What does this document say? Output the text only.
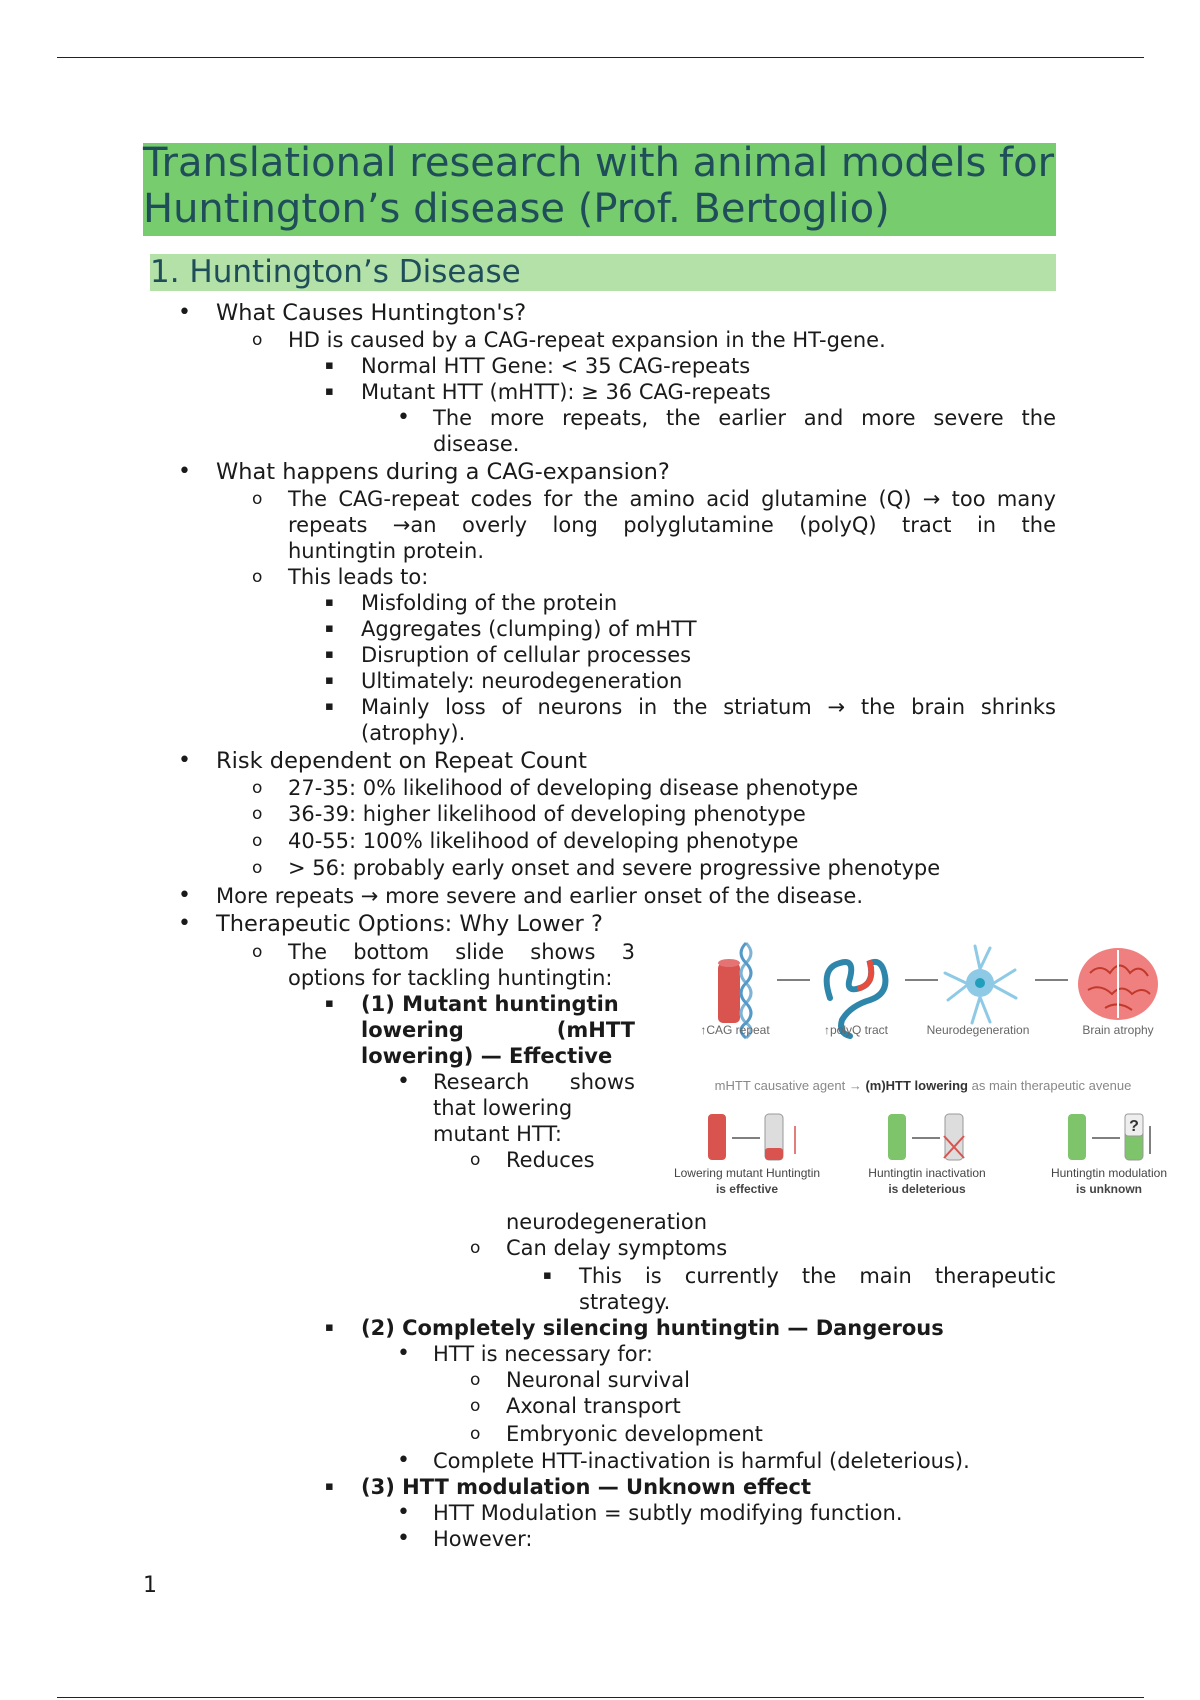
Translational research with animal models for Huntington’s disease (Prof. Bertoglio)
1. Huntington’s Disease
• What Causes Huntington's?
o HD is caused by a CAG-repeat expansion in the HT-gene.
▪ Normal HTT Gene: < 35 CAG-repeats
▪ Mutant HTT (mHTT): ≥ 36 CAG-repeats
• The more repeats, the earlier and more severe the
disease.
• What happens during a CAG-expansion?
o The CAG-repeat codes for the amino acid glutamine (Q) → too many
repeats →an overly long polyglutamine (polyQ) tract in the
huntingtin protein.
o This leads to:
▪ Misfolding of the protein
▪ Aggregates (clumping) of mHTT
▪ Disruption of cellular processes
▪ Ultimately: neurodegeneration
▪ Mainly loss of neurons in the striatum → the brain shrinks
(atrophy).
• Risk dependent on Repeat Count
o 27-35: 0% likelihood of developing disease phenotype
o 36-39: higher likelihood of developing phenotype
o 40-55: 100% likelihood of developing phenotype
o > 56: probably early onset and severe progressive phenotype
• More repeats → more severe and earlier onset of the disease.
• Therapeutic Options: Why Lower ?
o The bottom slide shows 3
options for tackling huntingtin:
▪ (1) Mutant huntingtin
lowering (mHTT
lowering) — Effective
• Research shows
that lowering
mutant HTT:
o Reduces
neurodegeneration
o Can delay symptoms
▪ This is currently the main therapeutic
strategy.
▪ (2) Completely silencing huntingtin — Dangerous
• HTT is necessary for:
o Neuronal survival
o Axonal transport
o Embryonic development
• Complete HTT-inactivation is harmful (deleterious).
▪ (3) HTT modulation — Unknown effect
• HTT Modulation = subtly modifying function.
• However:
1
↑CAG repeat	↑polyQ tract	Neurodegeneration	Brain atrophy
mHTT causative agent → (m)HTT lowering as main therapeutic avenue
?
Lowering mutant Huntingtin
is effective
Huntingtin inactivation
is deleterious
Huntingtin modulation
is unknown
